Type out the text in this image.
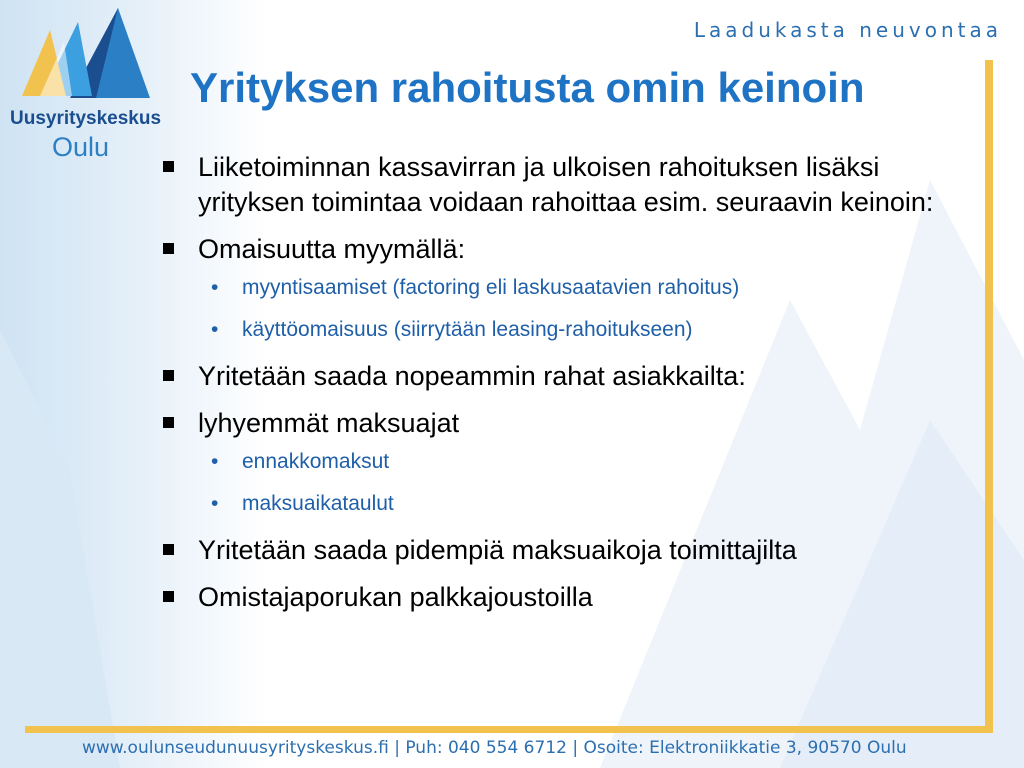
Laadukasta neuvontaa
Uusyrityskeskus
Oulu
Yrityksen rahoitusta omin keinoin
Liiketoiminnan kassavirran ja ulkoisen rahoituksen lisäksi yrityksen toimintaa voidaan rahoittaa esim. seuraavin keinoin:
Omaisuutta myymällä:
• myyntisaamiset (factoring eli laskusaatavien rahoitus)
• käyttöomaisuus (siirrytään leasing-rahoitukseen)
Yritetään saada nopeammin rahat asiakkailta:
lyhyemmät maksuajat
• ennakkomaksut
• maksuaikataulut
Yritetään saada pidempiä maksuaikoja toimittajilta
Omistajaporukan palkkajoustoilla
www.oulunseudunuusyrityskeskus.fi | Puh: 040 554 6712 | Osoite: Elektroniikkatie 3, 90570 Oulu
